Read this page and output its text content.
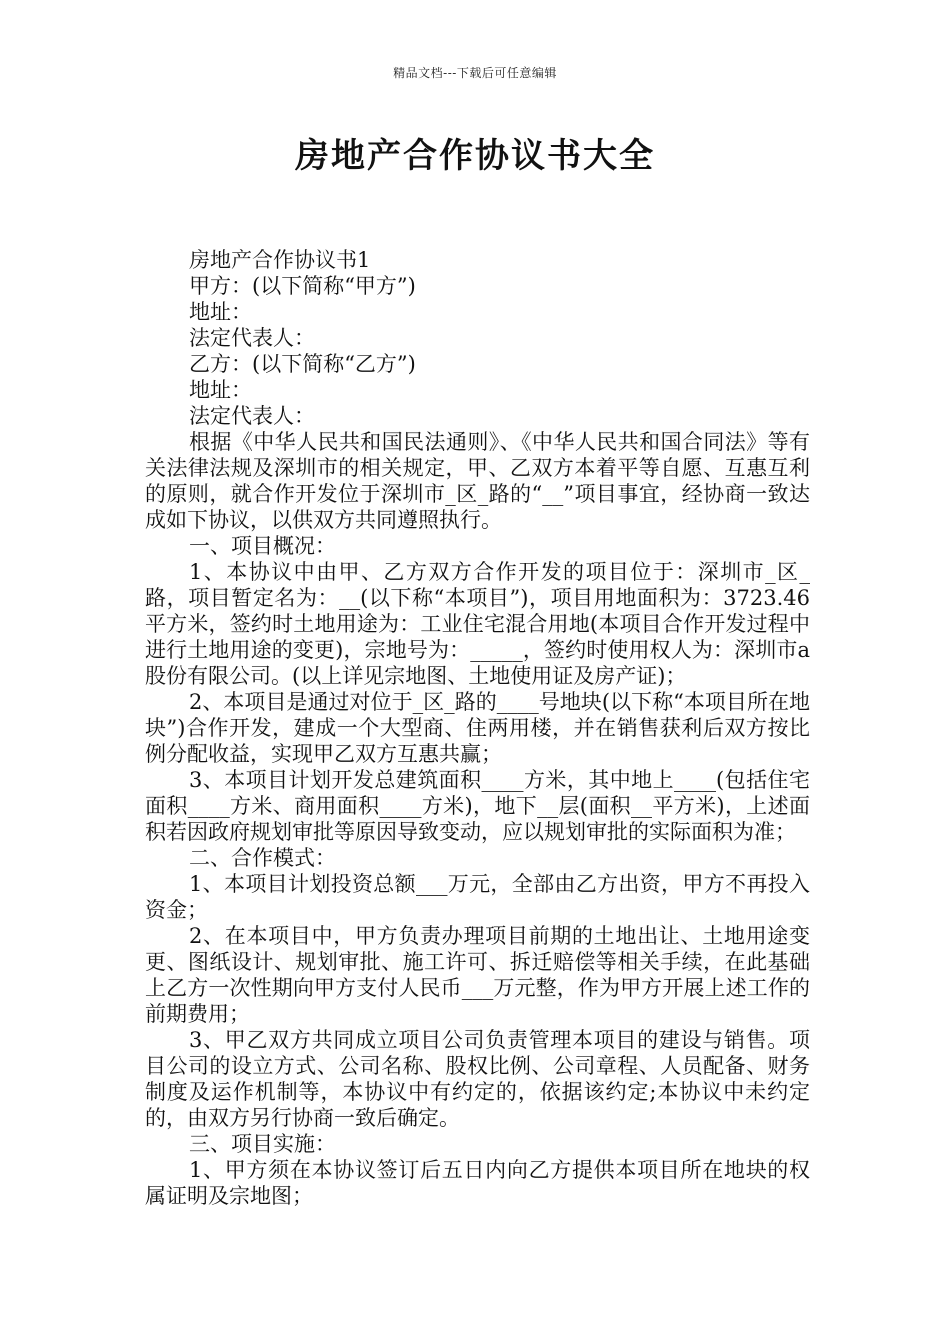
精品文档---下载后可任意编辑
房地产合作协议书大全

房地产合作协议书1

甲方：(以下简称“甲方”)

地址：

法定代表人：

乙方：(以下简称“乙方”)

地址：

法定代表人：

根据《中华人民共和国民法通则》、《中华人民共和国合同法》等有关法律法规及深圳市的相关规定，甲、乙双方本着平等自愿、互惠互利的原则，就合作开发位于深圳市_区_路的“__”项目事宜，经协商一致达成如下协议，以供双方共同遵照执行。

一、项目概况：

1、本协议中由甲、乙方双方合作开发的项目位于：深圳市_区_路，项目暂定名为：__(以下称“本项目”)，项目用地面积为：3723.46平方米，签约时土地用途为：工业住宅混合用地(本项目合作开发过程中进行土地用途的变更)，宗地号为：_____，签约时使用权人为：深圳市a股份有限公司。(以上详见宗地图、土地使用证及房产证)；

2、本项目是通过对位于_区_路的____号地块(以下称“本项目所在地块”)合作开发，建成一个大型商、住两用楼，并在销售获利后双方按比例分配收益，实现甲乙双方互惠共赢；

3、本项目计划开发总建筑面积____方米，其中地上____(包括住宅面积____方米、商用面积____方米)，地下__层(面积__平方米)，上述面积若因政府规划审批等原因导致变动，应以规划审批的实际面积为准；

二、合作模式：

1、本项目计划投资总额___万元，全部由乙方出资，甲方不再投入资金；

2、在本项目中，甲方负责办理项目前期的土地出让、土地用途变更、图纸设计、规划审批、施工许可、拆迁赔偿等相关手续，在此基础上乙方一次性期向甲方支付人民币___万元整，作为甲方开展上述工作的前期费用；

3、甲乙双方共同成立项目公司负责管理本项目的建设与销售。项目公司的设立方式、公司名称、股权比例、公司章程、人员配备、财务制度及运作机制等，本协议中有约定的，依据该约定;本协议中未约定的，由双方另行协商一致后确定。

三、项目实施：

1、甲方须在本协议签订后五日内向乙方提供本项目所在地块的权属证明及宗地图；
